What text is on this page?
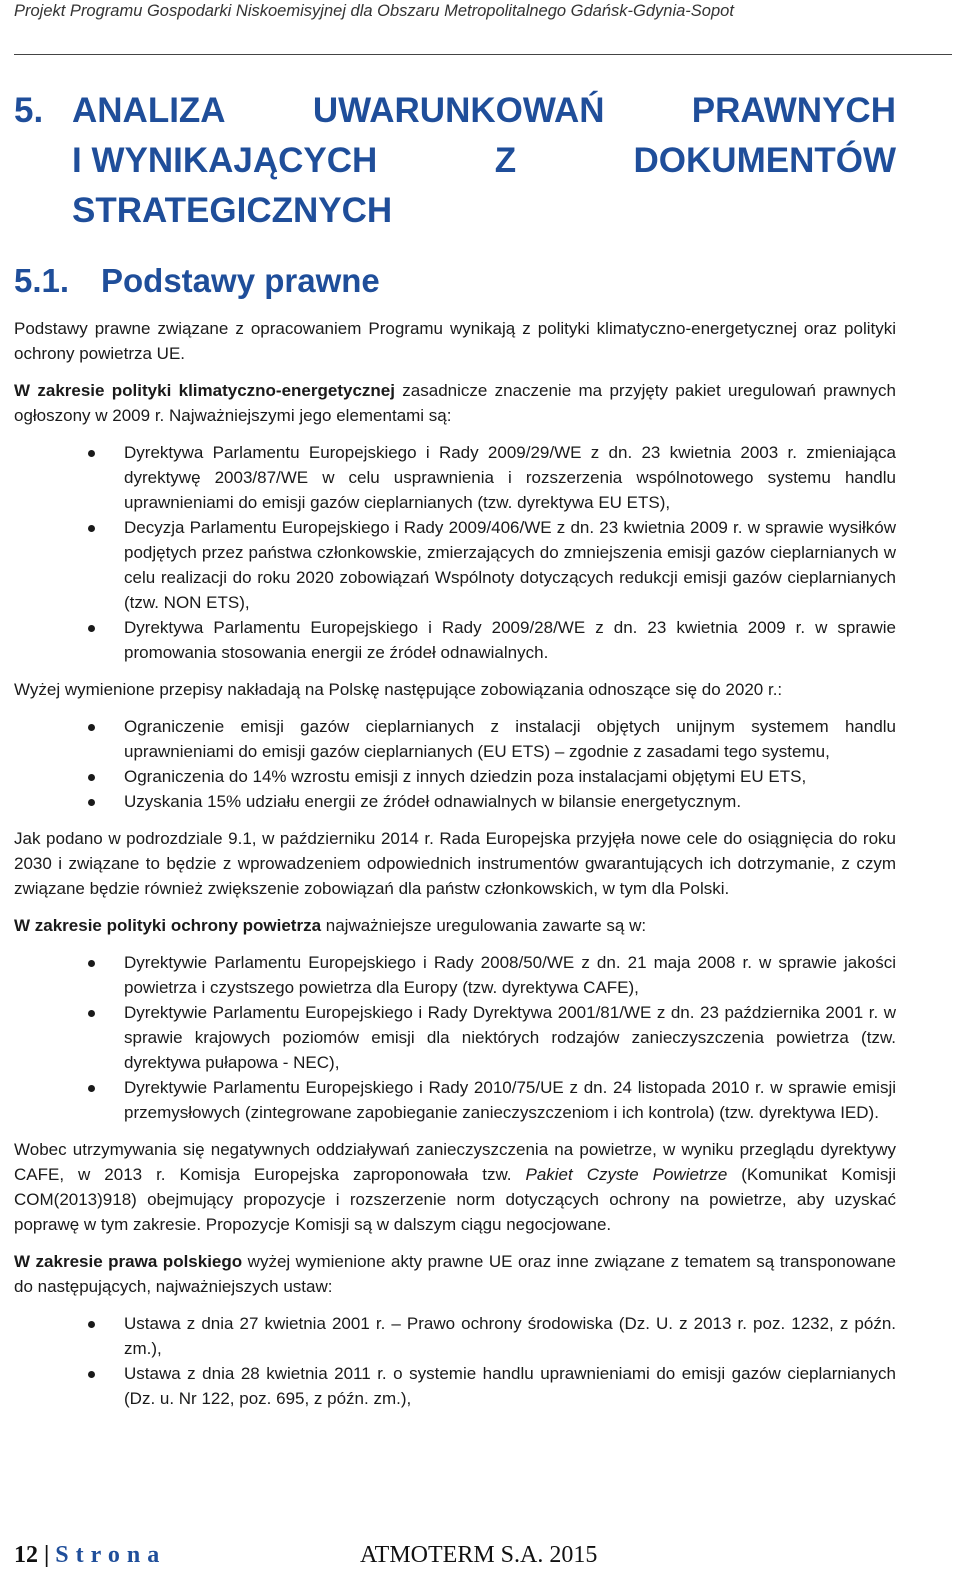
Projekt Programu Gospodarki Niskoemisyjnej dla Obszaru Metropolitalnego Gdańsk-Gdynia-Sopot
5. ANALIZA UWARUNKOWAŃ PRAWNYCH
I WYNIKAJĄCYCH	Z	DOKUMENTÓW
STRATEGICZNYCH
5.1. Podstawy prawne

Podstawy prawne związane z opracowaniem Programu wynikają z polityki klimatyczno-energetycznej oraz polityki ochrony powietrza UE.

W zakresie polityki klimatyczno-energetycznej zasadnicze znaczenie ma przyjęty pakiet uregulowań prawnych ogłoszony w 2009 r. Najważniejszymi jego elementami są:

Dyrektywa Parlamentu Europejskiego i Rady 2009/29/WE z dn. 23 kwietnia 2003 r. zmieniająca dyrektywę 2003/87/WE w celu usprawnienia i rozszerzenia wspólnotowego systemu handlu uprawnieniami do emisji gazów cieplarnianych (tzw. dyrektywa EU ETS),
Decyzja Parlamentu Europejskiego i Rady 2009/406/WE z dn. 23 kwietnia 2009 r. w sprawie wysiłków podjętych przez państwa członkowskie, zmierzających do zmniejszenia emisji gazów cieplarnianych w celu realizacji do roku 2020 zobowiązań Wspólnoty dotyczących redukcji emisji gazów cieplarnianych (tzw. NON ETS),
Dyrektywa Parlamentu Europejskiego i Rady 2009/28/WE z dn. 23 kwietnia 2009 r. w sprawie promowania stosowania energii ze źródeł odnawialnych.

Wyżej wymienione przepisy nakładają na Polskę następujące zobowiązania odnoszące się do 2020 r.:

Ograniczenie emisji gazów cieplarnianych z instalacji objętych unijnym systemem handlu uprawnieniami do emisji gazów cieplarnianych (EU ETS) – zgodnie z zasadami tego systemu,
Ograniczenia do 14% wzrostu emisji z innych dziedzin poza instalacjami objętymi EU ETS,
Uzyskania 15% udziału energii ze źródeł odnawialnych w bilansie energetycznym.

Jak podano w podrozdziale 9.1, w październiku 2014 r. Rada Europejska przyjęła nowe cele do osiągnięcia do roku 2030 i związane to będzie z wprowadzeniem odpowiednich instrumentów gwarantujących ich dotrzymanie, z czym związane będzie również zwiększenie zobowiązań dla państw członkowskich, w tym dla Polski.

W zakresie polityki ochrony powietrza najważniejsze uregulowania zawarte są w:

Dyrektywie Parlamentu Europejskiego i Rady 2008/50/WE z dn. 21 maja 2008 r. w sprawie jakości powietrza i czystszego powietrza dla Europy (tzw. dyrektywa CAFE),
Dyrektywie Parlamentu Europejskiego i Rady Dyrektywa 2001/81/WE z dn. 23 października 2001 r. w sprawie krajowych poziomów emisji dla niektórych rodzajów zanieczyszczenia powietrza (tzw. dyrektywa pułapowa - NEC),
Dyrektywie Parlamentu Europejskiego i Rady 2010/75/UE z dn. 24 listopada 2010 r. w sprawie emisji przemysłowych (zintegrowane zapobieganie zanieczyszczeniom i ich kontrola) (tzw. dyrektywa IED).

Wobec utrzymywania się negatywnych oddziaływań zanieczyszczenia na powietrze, w wyniku przeglądu dyrektywy CAFE, w 2013 r. Komisja Europejska zaproponowała tzw. Pakiet Czyste Powietrze (Komunikat Komisji COM(2013)918) obejmujący propozycje i rozszerzenie norm dotyczących ochrony na powietrze, aby uzyskać poprawę w tym zakresie. Propozycje Komisji są w dalszym ciągu negocjowane.

W zakresie prawa polskiego wyżej wymienione akty prawne UE oraz inne związane z tematem są transponowane do następujących, najważniejszych ustaw:

Ustawa z dnia 27 kwietnia 2001 r. – Prawo ochrony środowiska (Dz. U. z 2013 r. poz. 1232, z późn. zm.),
Ustawa z dnia 28 kwietnia 2011 r. o systemie handlu uprawnieniami do emisji gazów cieplarnianych (Dz. u. Nr 122, poz. 695, z późn. zm.),
12 | Strona	ATMOTERM S.A. 2015
